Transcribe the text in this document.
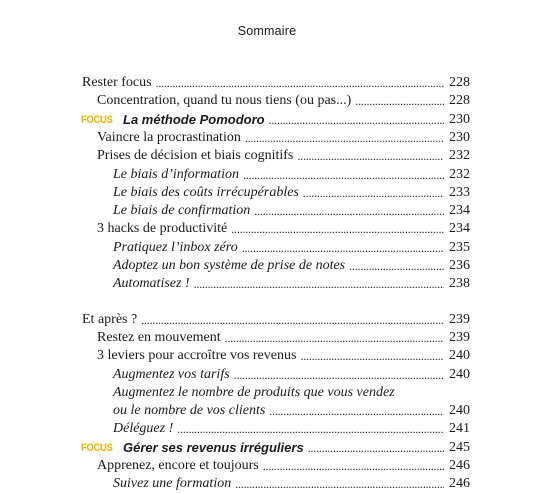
Sommaire
Rester focus . . .	228
Concentration, quand tu nous tiens (ou pas...) . . .	228
FOCUS La méthode Pomodoro . . .	230
Vaincre la procrastination . . .	230
Prises de décision et biais cognitifs . . .	232
Le biais d’information . . .	232
Le biais des coûts irrécupérables . . .	233
Le biais de confirmation . . .	234
3 hacks de productivité . . .	234
Pratiquez l’inbox zéro . . .	235
Adoptez un bon système de prise de notes . . .	236
Automatisez ! . . .	238
Et après ? . . .	239
Restez en mouvement . . .	239
3 leviers pour accroître vos revenus . . .	240
Augmentez vos tarifs . . .	240
Augmentez le nombre de produits que vous vendez
ou le nombre de vos clients . . .	240
Déléguez ! . . .	241
FOCUS Gérer ses revenus irréguliers . . .	245
Apprenez, encore et toujours . . .	246
Suivez une formation . . .	246
